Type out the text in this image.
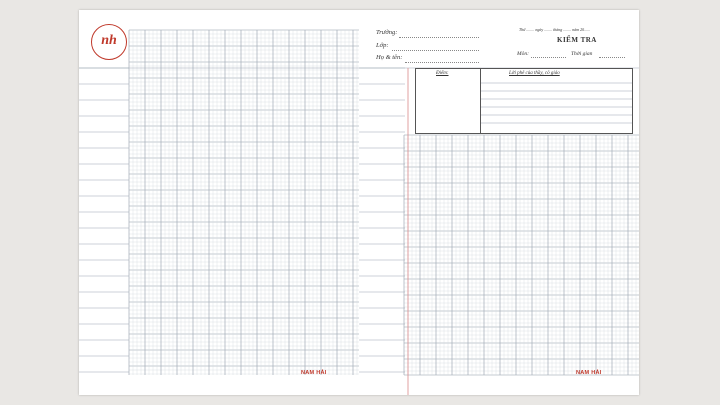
nh
Trường:
Lớp:
Họ & tên:
Thứ ........ ngày ........ tháng ........ năm 20......
KIỂM TRA
Môn:	Thời gian
Điểm:	Lời phê của thầy, cô giáo
NAM HẢI	NAM HẢI
